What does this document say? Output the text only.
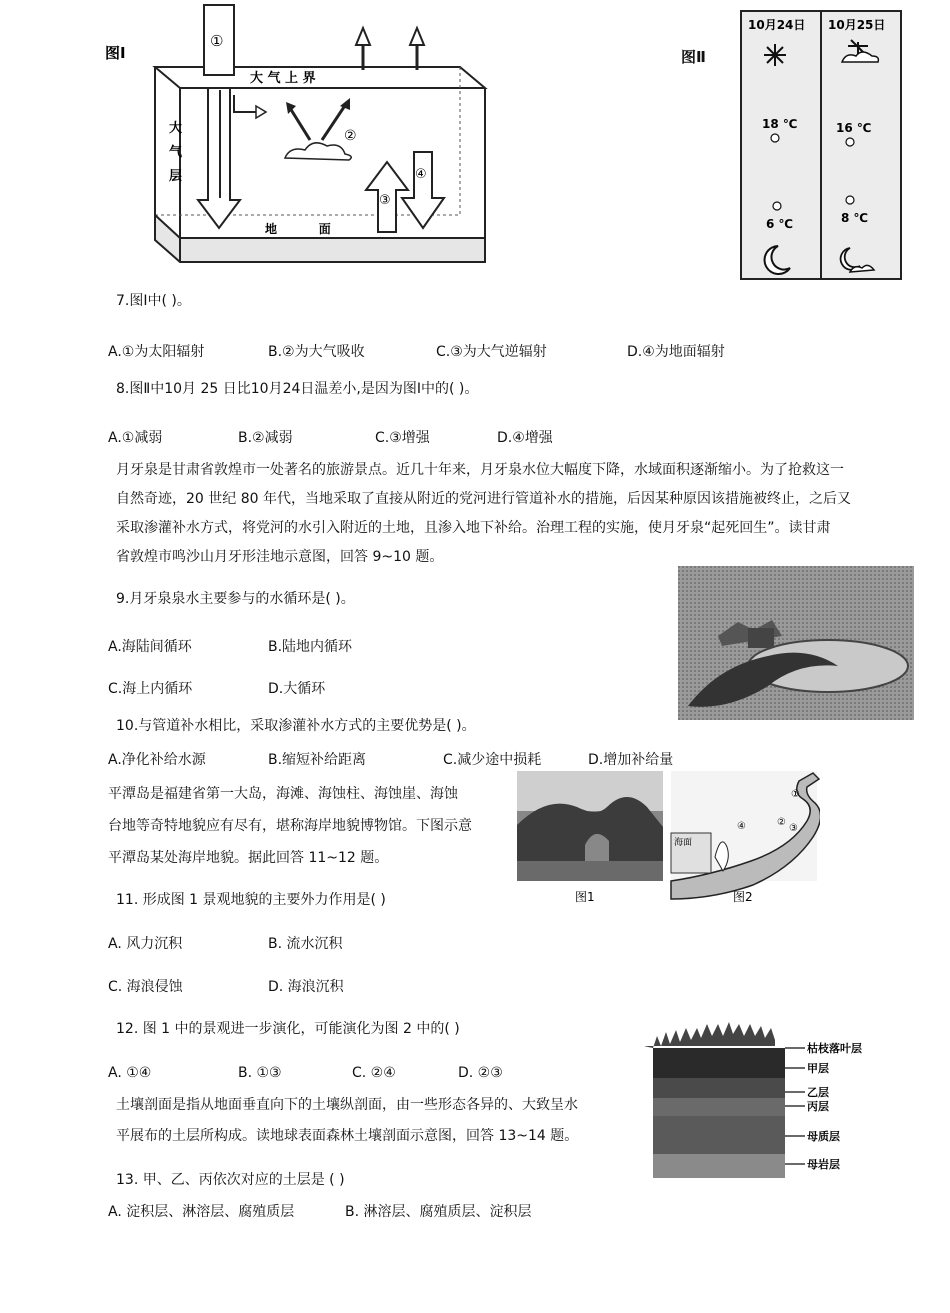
图Ⅰ
大 气 上 界
地          面
大
气
层
①
②
③
④
图Ⅱ
10月24日 10月25日
18 ℃	16 ℃
6 ℃	8 ℃
7.图Ⅰ中( )。
A.①为太阳辐射	B.②为大气吸收	C.③为大气逆辐射	D.④为地面辐射
8.图Ⅱ中10月 25 日比10月24日温差小,是因为图Ⅰ中的( )。
A.①减弱	B.②减弱	C.③增强	D.④增强
月牙泉是甘肃省敦煌市一处著名的旅游景点。近几十年来，月牙泉水位大幅度下降，水域面积逐渐缩小。为了抢救这一
自然奇迹，20 世纪 80 年代，当地采取了直接从附近的党河进行管道补水的措施，后因某种原因该措施被终止，之后又
采取渗灌补水方式，将党河的水引入附近的土地，且渗入地下补给。治理工程的实施，使月牙泉“起死回生”。读甘肃
省敦煌市鸣沙山月牙形洼地示意图，回答 9~10 题。
9.月牙泉泉水主要参与的水循环是( )。
A.海陆间循环	B.陆地内循环
C.海上内循环	D.大循环
10.与管道补水相比，采取渗灌补水方式的主要优势是( )。
A.净化补给水源	B.缩短补给距离	C.减少途中损耗	D.增加补给量
平潭岛是福建省第一大岛，海滩、海蚀柱、海蚀崖、海蚀
台地等奇特地貌应有尽有，堪称海岸地貌博物馆。下图示意
平潭岛某处海岸地貌。据此回答 11~12 题。
图1
海面
①
②
③
④
图2
11. 形成图 1 景观地貌的主要外力作用是( )
A. 风力沉积	B. 流水沉积
C. 海浪侵蚀	D. 海浪沉积
12. 图 1 中的景观进一步演化，可能演化为图 2 中的( )
A. ①④	B. ①③	C. ②④	D. ②③
土壤剖面是指从地面垂直向下的土壤纵剖面，由一些形态各异的、大致呈水
平展布的土层所构成。读地球表面森林土壤剖面示意图，回答 13~14 题。
枯枝落叶层
甲层
乙层
丙层
母质层
母岩层
13. 甲、乙、丙依次对应的土层是 ( )
A. 淀积层、淋溶层、腐殖质层	B. 淋溶层、腐殖质层、淀积层
